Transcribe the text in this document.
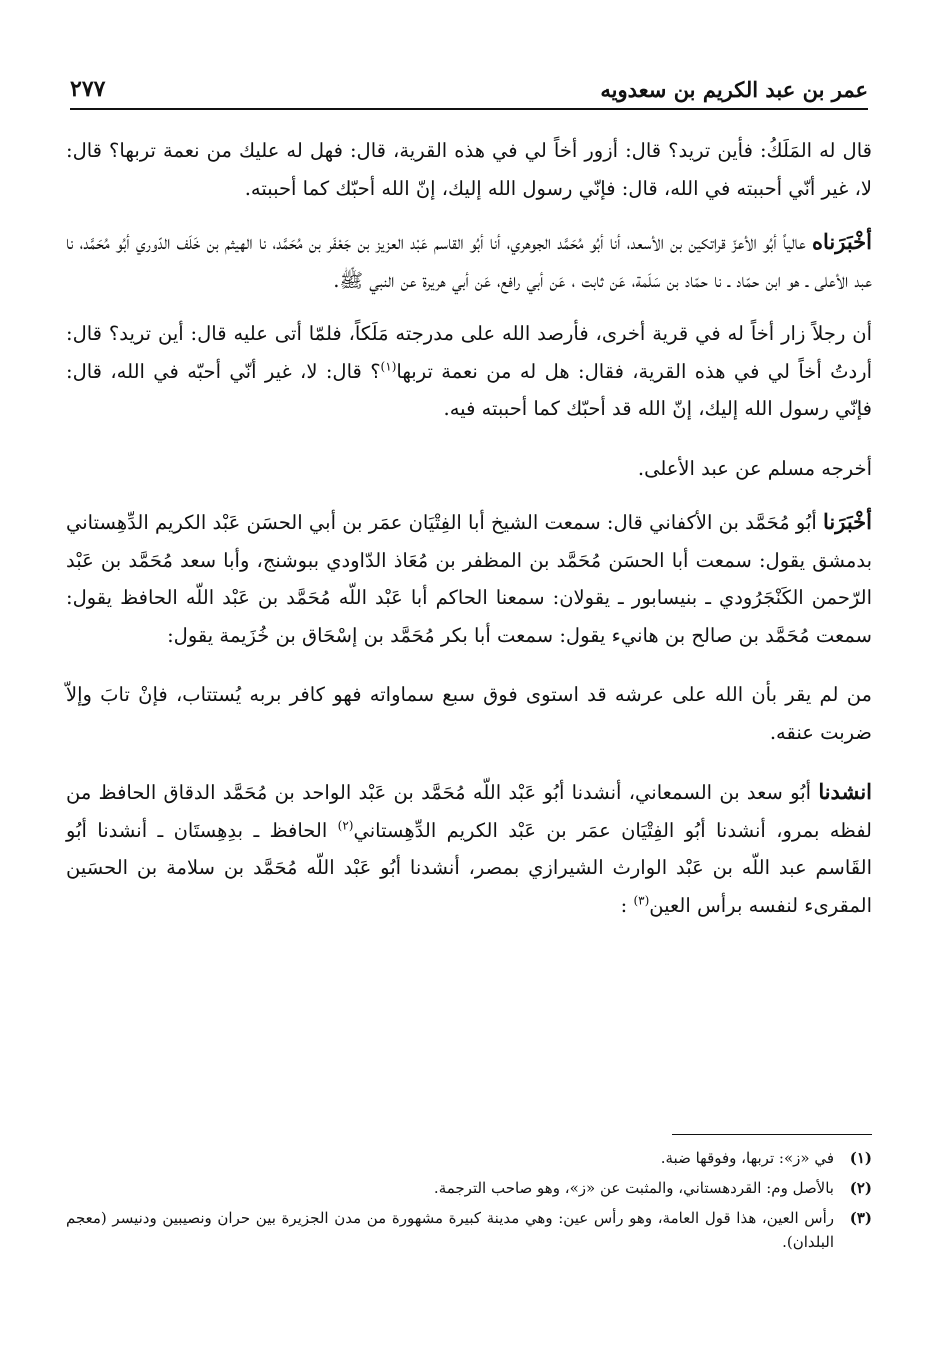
عمر بن عبد الكريم بن سعدويه
٢٧٧

قال له المَلَكُ: فأين تريد؟ قال: أزور أخاً لي في هذه القرية، قال: فهل له عليك من نعمة تربها؟ قال: لا، غير أنّي أحببته في الله، قال: فإنّي رسول الله إليك، إنّ الله أحبّك كما أحببته.

أخْبَرَناه عالياً أبُو الأعزّ قراتكين بن الأسعد، أنا أبُو مُحَمَّد الجوهري، أنا أبُو القاسم عَبْد العزيز بن جَعْفَر بن مُحَمَّد، نا الهيثم بن خَلَف الدّوري أبُو مُحَمَّد، نا عبد الأعلى ـ هو ابن حمّاد ـ نا حمّاد بن سَلَمة، عَن ثابت ، عَن أبي رافع، عَن أبي هريرة عن النبي ﷺ.

أن رجلاً زار أخاً له في قرية أخرى، فأرصد الله على مدرجته مَلَكاً، فلمّا أتى عليه قال: أين تريد؟ قال: أردتُ أخاً لي في هذه القرية، فقال: هل له من نعمة تربها$^{(١)}$؟ قال: لا، غير أنّي أحبّه في الله، قال: فإنّي رسول الله إليك، إنّ الله قد أحبّك كما أحببته فيه.

أخرجه مسلم عن عبد الأعلى.

أخْبَرَنا أبُو مُحَمَّد بن الأكفاني قال: سمعت الشيخ أبا الفِتْيَان عمَر بن أبي الحسَن عَبْد الكريم الدِّهِستاني بدمشق يقول: سمعت أبا الحسَن مُحَمَّد بن المظفر بن مُعَاذ الدّاودي ببوشنج، وأبا سعد مُحَمَّد بن عَبْد الرّحمن الكَنْجَرُودي ـ بنيسابور ـ يقولان: سمعنا الحاكم أبا عَبْد اللّه مُحَمَّد بن عَبْد اللّه الحافظ يقول: سمعت مُحَمَّد بن صالح بن هانيء يقول: سمعت أبا بكر مُحَمَّد بن إسْحَاق بن خُزَيمة يقول:

من لم يقر بأن الله على عرشه قد استوى فوق سبع سماواته فهو كافر بربه يُستتاب، فإنْ تابَ وإلاّ ضربت عنقه.

انشدنا أبُو سعد بن السمعاني، أنشدنا أبُو عَبْد اللّه مُحَمَّد بن عَبْد الواحد بن مُحَمَّد الدقاق الحافظ من لفظه بمرو، أنشدنا أبُو الفِتْيَان عمَر بن عَبْد الكريم الدِّهِستاني$^{(٢)}$ الحافظ ـ بدِهِستَان ـ أنشدنا أبُو القَاسم عبد اللّه بن عَبْد الوارث الشيرازي بمصر، أنشدنا أبُو عَبْد اللّه مُحَمَّد بن سلامة بن الحسَين المقرىء لنفسه برأس العين$^{(٣)}$ :

(١)
في «ز»: تربها، وفوقها ضبة.
(٢)
بالأصل وم: القردهستاني، والمثبت عن «ز»، وهو صاحب الترجمة.
(٣)
رأس العين، هذا قول العامة، وهو رأس عين: وهي مدينة كبيرة مشهورة من مدن الجزيرة بين حران ونصيبين ودنيسر (معجم البلدان).
